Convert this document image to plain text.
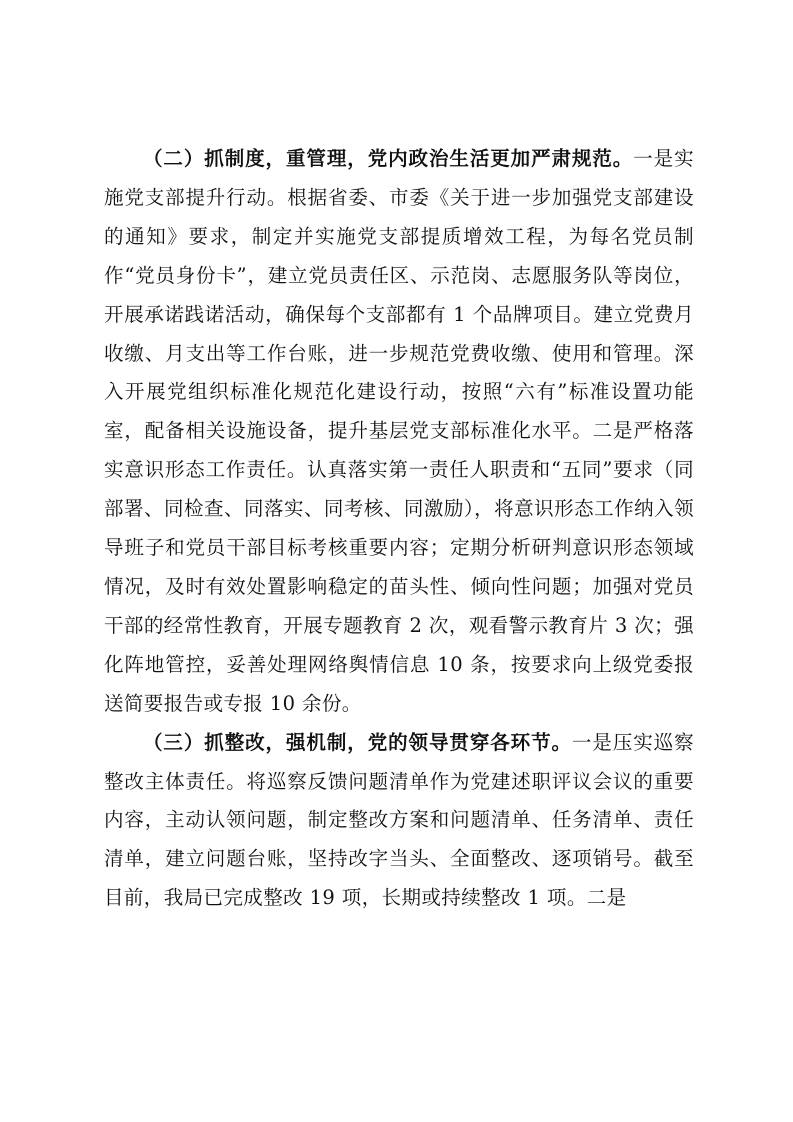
（二）抓制度，重管理，党内政治生活更加严肃规范。一是实施党支部提升行动。根据省委、市委《关于进一步加强党支部建设的通知》要求，制定并实施党支部提质增效工程，为每名党员制作“党员身份卡”，建立党员责任区、示范岗、志愿服务队等岗位，开展承诺践诺活动，确保每个支部都有 1 个品牌项目。建立党费月收缴、月支出等工作台账，进一步规范党费收缴、使用和管理。深入开展党组织标准化规范化建设行动，按照“六有”标准设置功能室，配备相关设施设备，提升基层党支部标准化水平。二是严格落实意识形态工作责任。认真落实第一责任人职责和“五同”要求（同部署、同检查、同落实、同考核、同激励），将意识形态工作纳入领导班子和党员干部目标考核重要内容；定期分析研判意识形态领域情况，及时有效处置影响稳定的苗头性、倾向性问题；加强对党员干部的经常性教育，开展专题教育 2 次，观看警示教育片 3 次；强化阵地管控，妥善处理网络舆情信息 10 条，按要求向上级党委报送简要报告或专报 10 余份。

（三）抓整改，强机制，党的领导贯穿各环节。一是压实巡察整改主体责任。将巡察反馈问题清单作为党建述职评议会议的重要内容，主动认领问题，制定整改方案和问题清单、任务清单、责任清单，建立问题台账，坚持改字当头、全面整改、逐项销号。截至目前，我局已完成整改 19 项，长期或持续整改 1 项。二是
